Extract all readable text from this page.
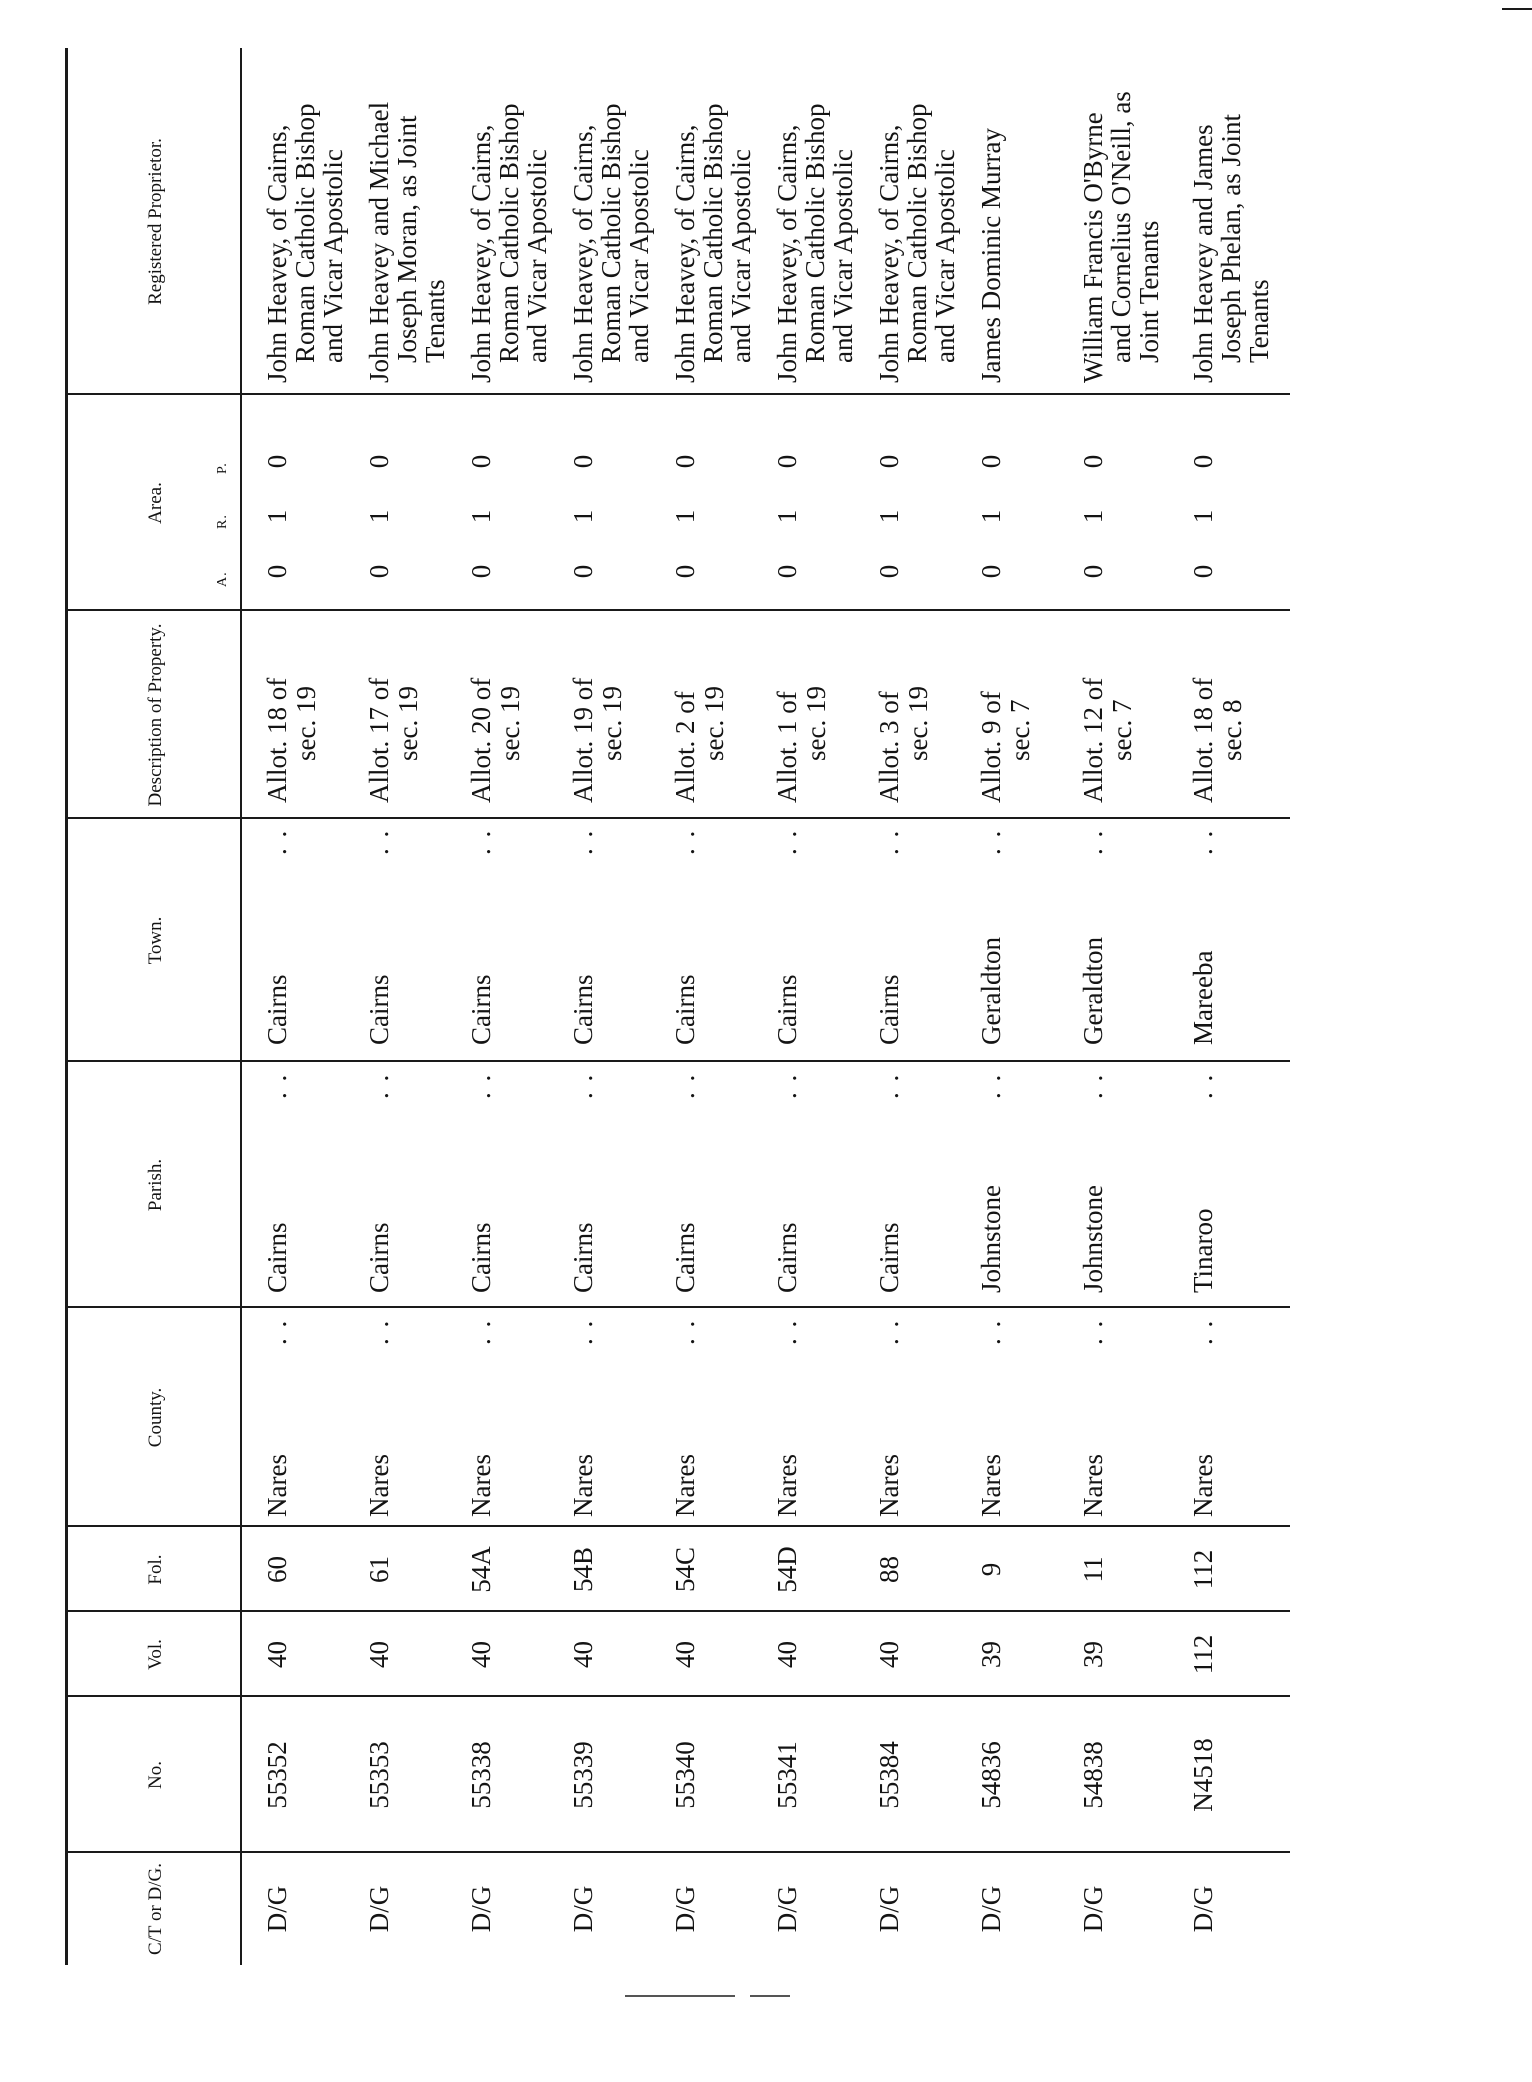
C/T or D/G.
No.
Vol.
Fol.
County.
Parish.
Town.
Description of Property.
Area.
Registered Proprietor.
A.
R.
P.
D/G
55352
40
60
Nares
. .
Cairns
. .
Cairns
. .
Allot. 18 of sec. 19
010
John Heavey, of Cairns,
Roman Catholic Bishop
and Vicar Apostolic
D/G
55353
40
61
Nares
. .
Cairns
. .
Cairns
. .
Allot. 17 of sec. 19
010
John Heavey and Michael
Joseph Moran, as Joint
Tenants
D/G
55338
40
54A
Nares
. .
Cairns
. .
Cairns
. .
Allot. 20 of sec. 19
010
John Heavey, of Cairns,
Roman Catholic Bishop
and Vicar Apostolic
D/G
55339
40
54B
Nares
. .
Cairns
. .
Cairns
. .
Allot. 19 of sec. 19
010
John Heavey, of Cairns,
Roman Catholic Bishop
and Vicar Apostolic
D/G
55340
40
54C
Nares
. .
Cairns
. .
Cairns
. .
Allot. 2 of sec. 19
010
John Heavey, of Cairns,
Roman Catholic Bishop
and Vicar Apostolic
D/G
55341
40
54D
Nares
. .
Cairns
. .
Cairns
. .
Allot. 1 of sec. 19
010
John Heavey, of Cairns,
Roman Catholic Bishop
and Vicar Apostolic
D/G
55384
40
88
Nares
. .
Cairns
. .
Cairns
. .
Allot. 3 of sec. 19
010
John Heavey, of Cairns,
Roman Catholic Bishop
and Vicar Apostolic
D/G
54836
39
9
Nares
. .
Johnstone
. .
Geraldton
. .
Allot. 9 of sec. 7
010
James Dominic Murray
D/G
54838
39
11
Nares
. .
Johnstone
. .
Geraldton
. .
Allot. 12 of sec. 7
010
William Francis O'Byrne
and Cornelius O'Neill, as
Joint Tenants
D/G
N4518
112
112
Nares
. .
Tinaroo
. .
Mareeba
. .
Allot. 18 of sec. 8
010
John Heavey and James
Joseph Phelan, as Joint
Tenants
